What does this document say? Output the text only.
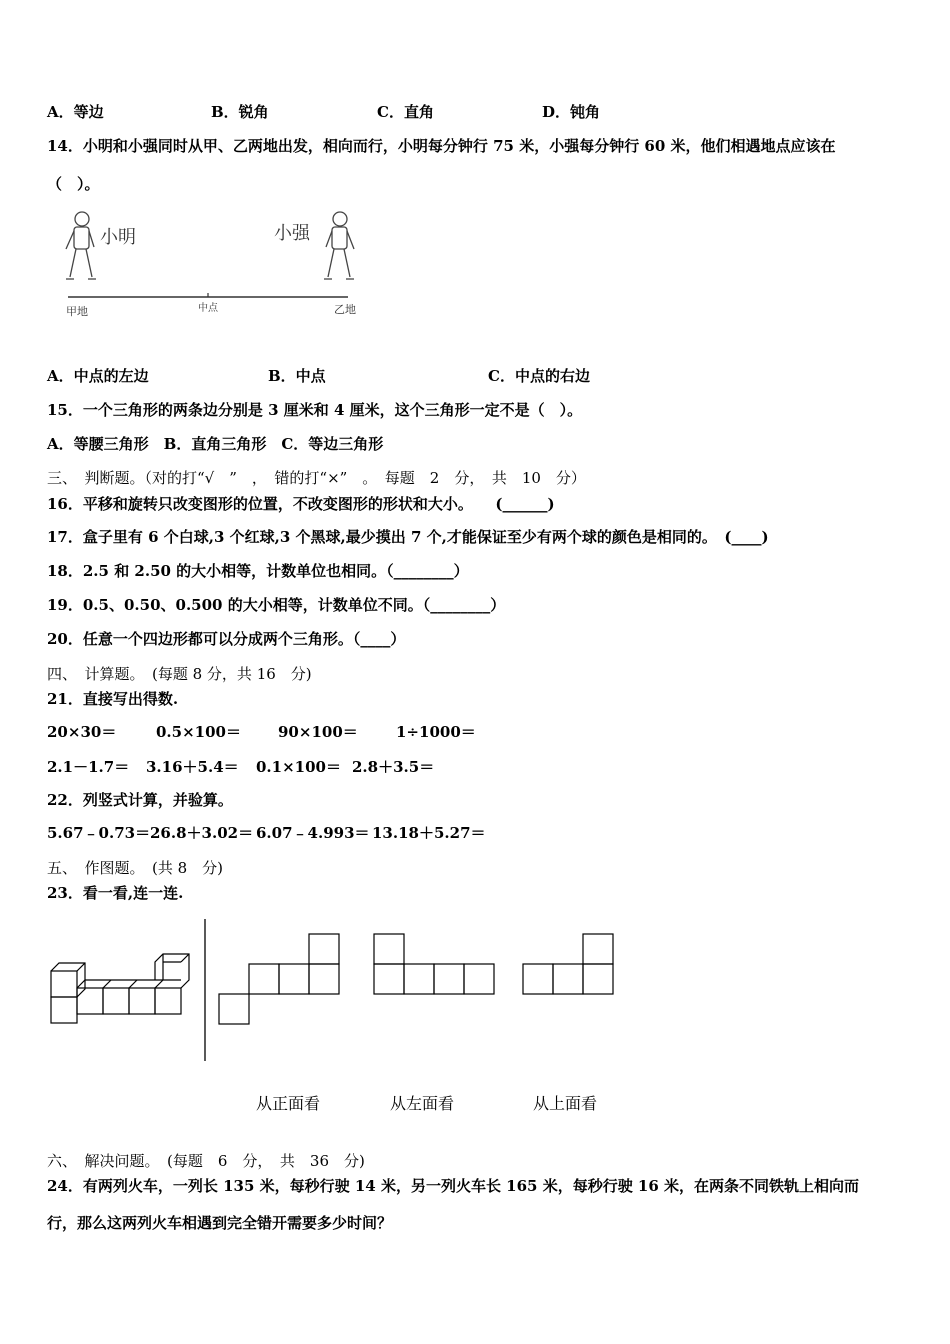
A．等边	B．锐角	C．直角	D．钝角
14．小明和小强同时从甲、乙两地出发，相向而行，小明每分钟行 75 米，小强每分钟行 60 米，他们相遇地点应该在
（　）。
小明	小强
甲地	中点	乙地
A．中点的左边	B．中点	C．中点的右边
15．一个三角形的两条边分别是 3 厘米和 4 厘米，这个三角形一定不是（　）。
A．等腰三角形　B．直角三角形　C．等边三角形
三、　判断题。（对的打“√　”　，　错的打“×”　。　每题　2　分，　共　10　分）
16．平移和旋转只改变图形的位置，不改变图形的形状和大小。　　(______)
17．盒子里有 6 个白球,3 个红球,3 个黑球,最少摸出 7 个,才能保证至少有两个球的颜色是相同的。　(____)
18．2.5 和 2.50 的大小相等，计数单位也相同。（________）
19．0.5、0.50、0.500 的大小相等，计数单位不同。（________）
20．任意一个四边形都可以分成两个三角形。（____）
四、　计算题。　(每题 8 分，共 16　分)
21．直接写出得数.
20×30＝	0.5×100＝ 90×100＝	1÷1000＝
2.1－1.7＝ 3.16＋5.4＝ 0.1×100＝ 2.8＋3.5＝
22．列竖式计算，并验算。
5.67﹣0.73＝ 26.8＋3.02＝ 6.07﹣4.993＝ 13.18＋5.27＝
五、　作图题。　(共 8　分)
23．看一看,连一连.
从正面看	从左面看	从上面看
六、　解决问题。　(每题　6　分，　共　36　分)
24．有两列火车，一列长 135 米，每秒行驶 14 米，另一列火车长 165 米，每秒行驶 16 米，在两条不同铁轨上相向而
行，那么这两列火车相遇到完全错开需要多少时间？
